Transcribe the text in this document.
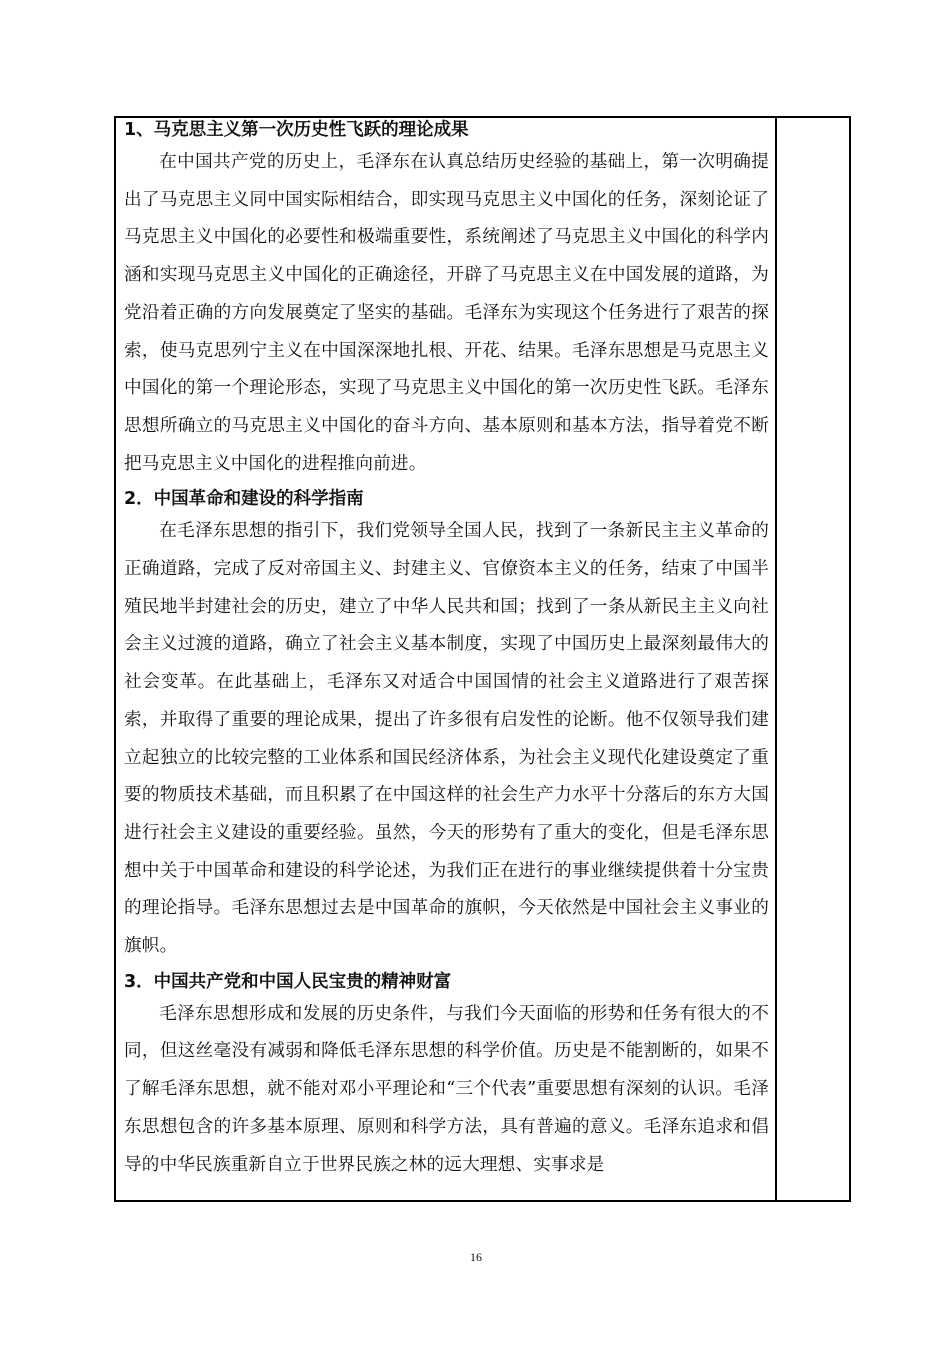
1、马克思主义第一次历史性飞跃的理论成果

在中国共产党的历史上，毛泽东在认真总结历史经验的基础上，第一次明确提出了马克思主义同中国实际相结合，即实现马克思主义中国化的任务，深刻论证了马克思主义中国化的必要性和极端重要性，系统阐述了马克思主义中国化的科学内涵和实现马克思主义中国化的正确途径，开辟了马克思主义在中国发展的道路，为党沿着正确的方向发展奠定了坚实的基础。毛泽东为实现这个任务进行了艰苦的探索，使马克思列宁主义在中国深深地扎根、开花、结果。毛泽东思想是马克思主义中国化的第一个理论形态，实现了马克思主义中国化的第一次历史性飞跃。毛泽东思想所确立的马克思主义中国化的奋斗方向、基本原则和基本方法，指导着党不断把马克思主义中国化的进程推向前进。

2．中国革命和建设的科学指南

在毛泽东思想的指引下，我们党领导全国人民，找到了一条新民主主义革命的正确道路，完成了反对帝国主义、封建主义、官僚资本主义的任务，结束了中国半殖民地半封建社会的历史，建立了中华人民共和国；找到了一条从新民主主义向社会主义过渡的道路，确立了社会主义基本制度，实现了中国历史上最深刻最伟大的社会变革。在此基础上，毛泽东又对适合中国国情的社会主义道路进行了艰苦探索，并取得了重要的理论成果，提出了许多很有启发性的论断。他不仅领导我们建立起独立的比较完整的工业体系和国民经济体系，为社会主义现代化建设奠定了重要的物质技术基础，而且积累了在中国这样的社会生产力水平十分落后的东方大国进行社会主义建设的重要经验。虽然，今天的形势有了重大的变化，但是毛泽东思想中关于中国革命和建设的科学论述，为我们正在进行的事业继续提供着十分宝贵的理论指导。毛泽东思想过去是中国革命的旗帜，今天依然是中国社会主义事业的旗帜。

3．中国共产党和中国人民宝贵的精神财富

毛泽东思想形成和发展的历史条件，与我们今天面临的形势和任务有很大的不同，但这丝毫没有减弱和降低毛泽东思想的科学价值。历史是不能割断的，如果不了解毛泽东思想，就不能对邓小平理论和“三个代表”重要思想有深刻的认识。毛泽东思想包含的许多基本原理、原则和科学方法，具有普遍的意义。毛泽东追求和倡导的中华民族重新自立于世界民族之林的远大理想、实事求是

16
